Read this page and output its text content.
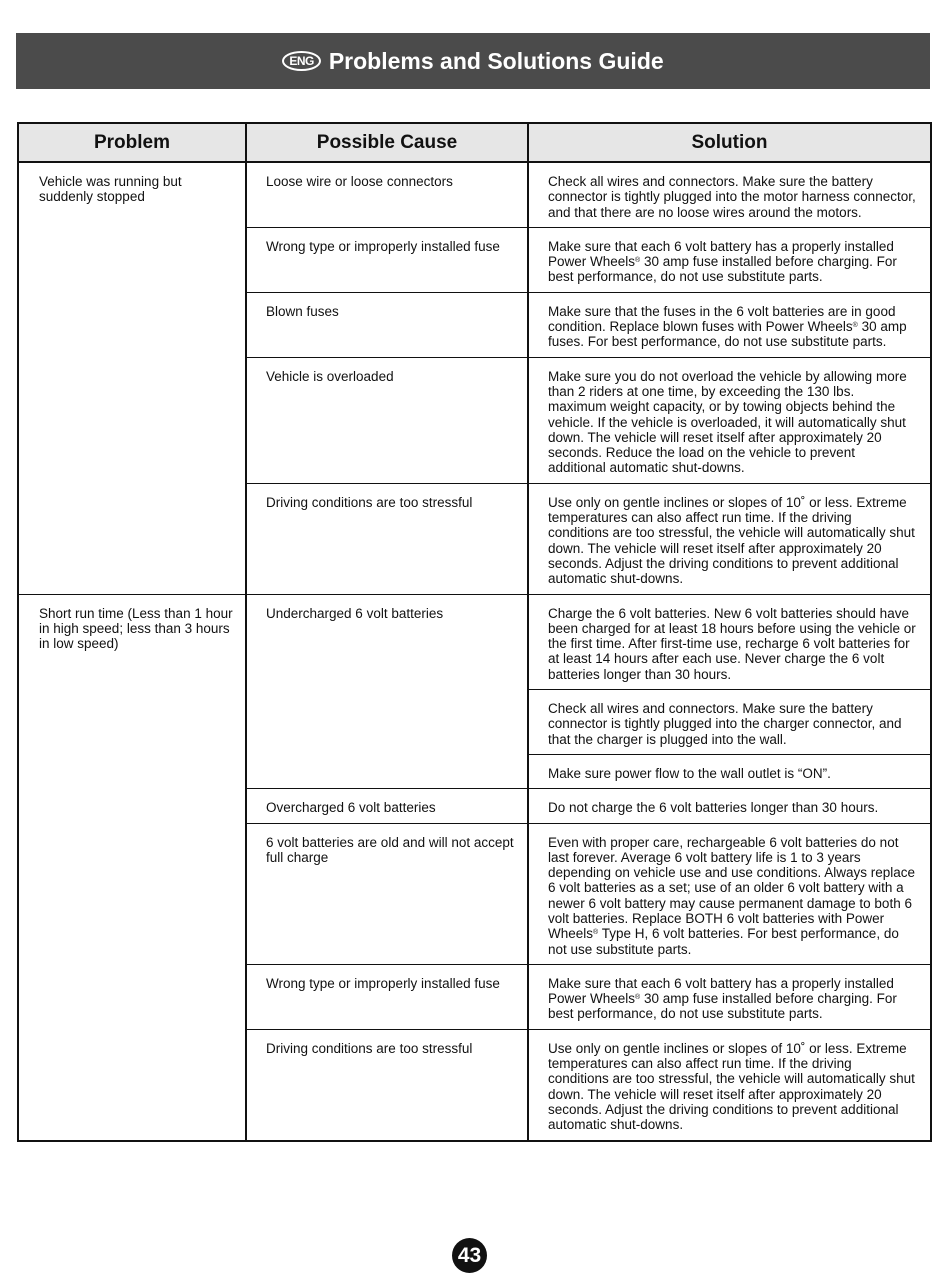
ENG Problems and Solutions Guide
Problem	Possible Cause	Solution
Vehicle was running but suddenly stopped	Loose wire or loose connectors	Check all wires and connectors. Make sure the battery connector is tightly plugged into the motor harness connector, and that there are no loose wires around the motors.
	Wrong type or improperly installed fuse	Make sure that each 6 volt battery has a properly installed Power Wheels® 30 amp fuse installed before charging. For best performance, do not use substitute parts.
	Blown fuses	Make sure that the fuses in the 6 volt batteries are in good condition. Replace blown fuses with Power Wheels® 30 amp fuses. For best performance, do not use substitute parts.
	Vehicle is overloaded	Make sure you do not overload the vehicle by allowing more than 2 riders at one time, by exceeding the 130 lbs. maximum weight capacity, or by towing objects behind the vehicle. If the vehicle is overloaded, it will automatically shut down. The vehicle will reset itself after approximately 20 seconds. Reduce the load on the vehicle to prevent additional automatic shut-downs.
	Driving conditions are too stressful	Use only on gentle inclines or slopes of 10˚ or less. Extreme temperatures can also affect run time. If the driving conditions are too stressful, the vehicle will automatically shut down. The vehicle will reset itself after approximately 20 seconds. Adjust the driving conditions to prevent additional automatic shut-downs.
Short run time (Less than 1 hour in high speed; less than 3 hours in low speed)	Undercharged 6 volt batteries	Charge the 6 volt batteries. New 6 volt batteries should have been charged for at least 18 hours before using the vehicle or the first time. After first-time use, recharge 6 volt batteries for at least 14 hours after each use. Never charge the 6 volt batteries longer than 30 hours.
		Check all wires and connectors. Make sure the battery connector is tightly plugged into the charger connector, and that the charger is plugged into the wall.
		Make sure power flow to the wall outlet is “ON”.
	Overcharged 6 volt batteries	Do not charge the 6 volt batteries longer than 30 hours.
	6 volt batteries are old and will not accept full charge	Even with proper care, rechargeable 6 volt batteries do not last forever. Average 6 volt battery life is 1 to 3 years depending on vehicle use and use conditions. Always replace 6 volt batteries as a set; use of an older 6 volt battery with a newer 6 volt battery may cause permanent damage to both 6 volt batteries. Replace BOTH 6 volt batteries with Power Wheels® Type H, 6 volt batteries. For best performance, do not use substitute parts.
	Wrong type or improperly installed fuse	Make sure that each 6 volt battery has a properly installed Power Wheels® 30 amp fuse installed before charging. For best performance, do not use substitute parts.
	Driving conditions are too stressful	Use only on gentle inclines or slopes of 10˚ or less. Extreme temperatures can also affect run time. If the driving conditions are too stressful, the vehicle will automatically shut down. The vehicle will reset itself after approximately 20 seconds. Adjust the driving conditions to prevent additional automatic shut-downs.
43
